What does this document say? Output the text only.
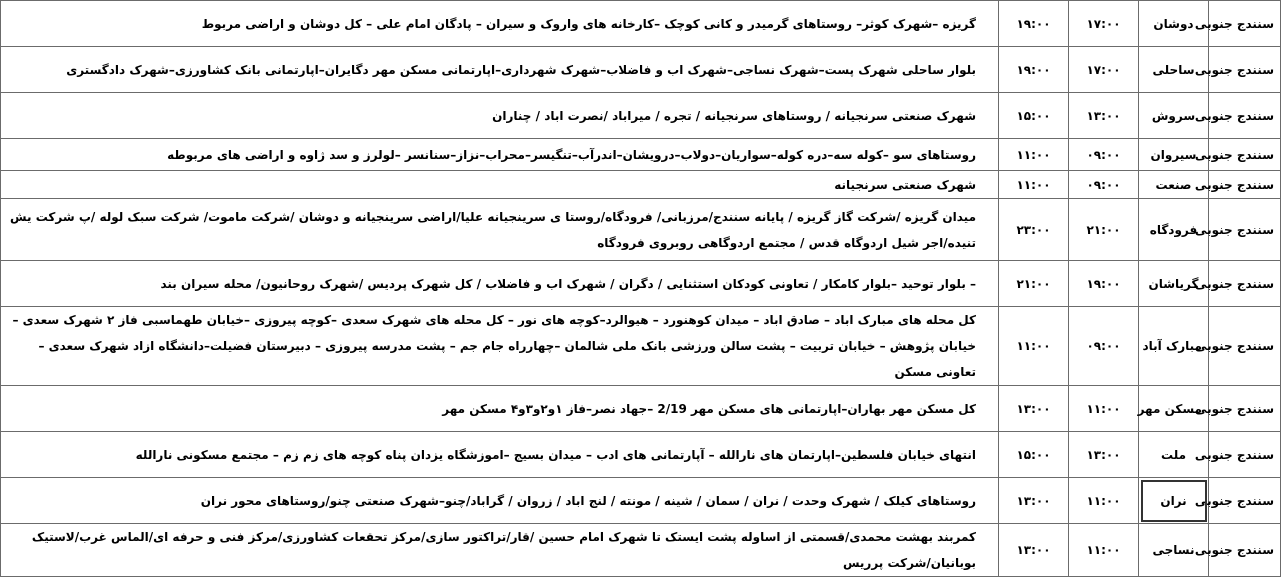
سنندج جنوبی	دوشان	۱۷:۰۰	۱۹:۰۰	گریزه –شهرک کوثر– روستاهای گرمیدر و کانی کوچک –کارخانه های واروک و سیران – پادگان امام علی – کل دوشان و اراضی مربوط
سنندج جنوبی	ساحلی	۱۷:۰۰	۱۹:۰۰	بلوار ساحلی شهرک پست–شهرک نساجی–شهرک اب و فاضلاب–شهرک شهرداری–اپارتمانی مسکن مهر دگایران–اپارتمانی بانک کشاورزی–شهرک دادگستری
سنندج جنوبی	سروش	۱۳:۰۰	۱۵:۰۰	شهرک صنعتی سرنجیانه / روستاهای سرنجیانه / تجره / میراباد /نصرت اباد / چناران
سنندج جنوبی	سیروان	۰۹:۰۰	۱۱:۰۰	روستاهای سو –کوله سه–دره کوله–سواریان–دولاب–درویشان–اندرآب–تنگیسر–محراب–نزاز–سنانسر –لولرز و سد ژاوه و اراضی های مربوطه
سنندج جنوبی	صنعت	۰۹:۰۰	۱۱:۰۰	شهرک صنعتی سرنجیانه
سنندج جنوبی	فرودگاه	۲۱:۰۰	۲۳:۰۰	میدان گریزه /شرکت گاز گریزه / پایانه سنندج/مرزبانی/ فرودگاه/روستا ی سرینجیانه علیا/اراضی سرینجیانه و دوشان /شرکت ماموت/ شرکت سبک لوله /پ شرکت یش تنیده/اجر شیل اردوگاه قدس / مجتمع اردوگاهی روبروی فرودگاه
سنندج جنوبی	گریاشان	۱۹:۰۰	۲۱:۰۰	– بلوار توحید –بلوار کامکار / تعاونی کودکان استثنایی / دگران / شهرک اب و فاضلاب / کل شهرک پردیس /شهرک روحانیون/ محله سیران بند
سنندج جنوبی	مبارک آباد	۰۹:۰۰	۱۱:۰۰	کل محله های مبارک اباد – صادق اباد – میدان کوهنورد – هیوالرد–کوچه های نور – کل محله های شهرک سعدی –کوچه پیروزی –خیابان طهماسبی فاز ۲ شهرک سعدی – خیابان پژوهش – خیابان تربیت – پشت سالن ورزشی بانک ملی شالمان –چهارراه جام جم – پشت مدرسه پیروزی – دبیرستان فضیلت–دانشگاه ازاد شهرک سعدی – تعاونی مسکن
سنندج جنوبی	مسکن مهر	۱۱:۰۰	۱۳:۰۰	کل مسکن مهر بهاران–اپارتمانی های مسکن مهر 2/19 –جهاد نصر–فاز ۱و۲و۳و۴ مسکن مهر
سنندج جنوبی	ملت	۱۳:۰۰	۱۵:۰۰	انتهای خیابان فلسطین–اپارتمان های نارالله – آپارتمانی های ادب – میدان بسیج –اموزشگاه یزدان پناه کوچه های زم زم – مجتمع مسکونی نارالله
سنندج جنوبی	نران	۱۱:۰۰	۱۳:۰۰	روستاهای کیلک / شهرک وحدت / نران / سمان / شینه / مونته / لنج اباد / زروان / گراباد/چنو–شهرک صنعتی چنو/روستاهای محور نران
سنندج جنوبی	نساجی	۱۱:۰۰	۱۳:۰۰	کمربند بهشت محمدی/قسمتی از اساوله پشت ایستک تا شهرک امام حسین /قار/تراکتور سازی/مرکز تحقعات کشاورزی/مرکز فنی و حرفه ای/الماس غرب/لاستیک بوبانیان/شرکت پرریس
